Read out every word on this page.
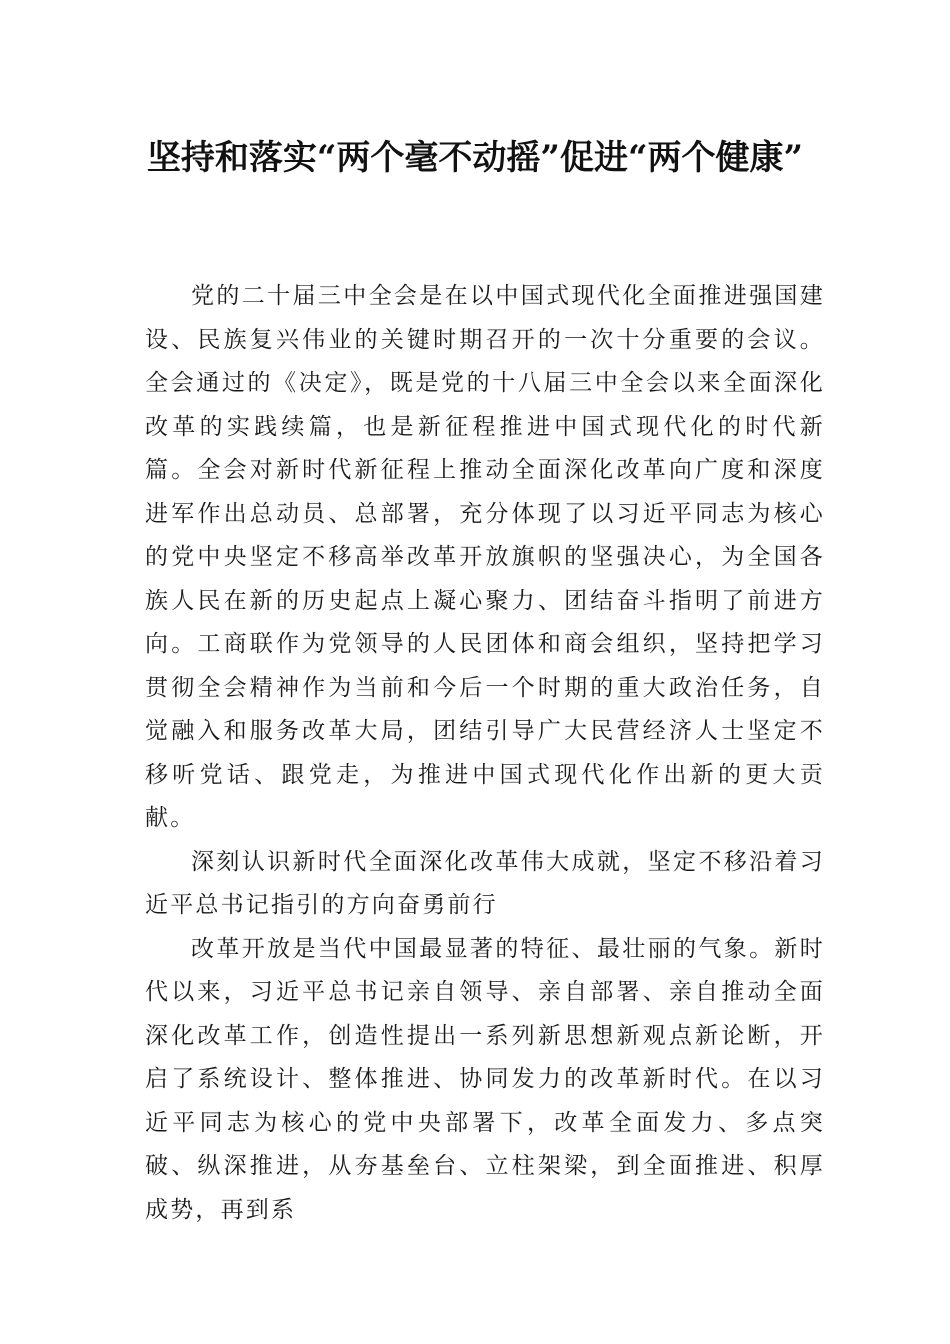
坚持和落实“两个毫不动摇”促进“两个健康”

党的二十届三中全会是在以中国式现代化全面推进强国建设、民族复兴伟业的关键时期召开的一次十分重要的会议。全会通过的《决定》，既是党的十八届三中全会以来全面深化改革的实践续篇，也是新征程推进中国式现代化的时代新篇。全会对新时代新征程上推动全面深化改革向广度和深度进军作出总动员、总部署，充分体现了以习近平同志为核心的党中央坚定不移高举改革开放旗帜的坚强决心，为全国各族人民在新的历史起点上凝心聚力、团结奋斗指明了前进方向。工商联作为党领导的人民团体和商会组织，坚持把学习贯彻全会精神作为当前和今后一个时期的重大政治任务，自觉融入和服务改革大局，团结引导广大民营经济人士坚定不移听党话、跟党走，为推进中国式现代化作出新的更大贡献。

深刻认识新时代全面深化改革伟大成就，坚定不移沿着习近平总书记指引的方向奋勇前行

改革开放是当代中国最显著的特征、最壮丽的气象。新时代以来，习近平总书记亲自领导、亲自部署、亲自推动全面深化改革工作，创造性提出一系列新思想新观点新论断，开启了系统设计、整体推进、协同发力的改革新时代。在以习近平同志为核心的党中央部署下，改革全面发力、多点突破、纵深推进，从夯基垒台、立柱架梁，到全面推进、积厚成势，再到系
